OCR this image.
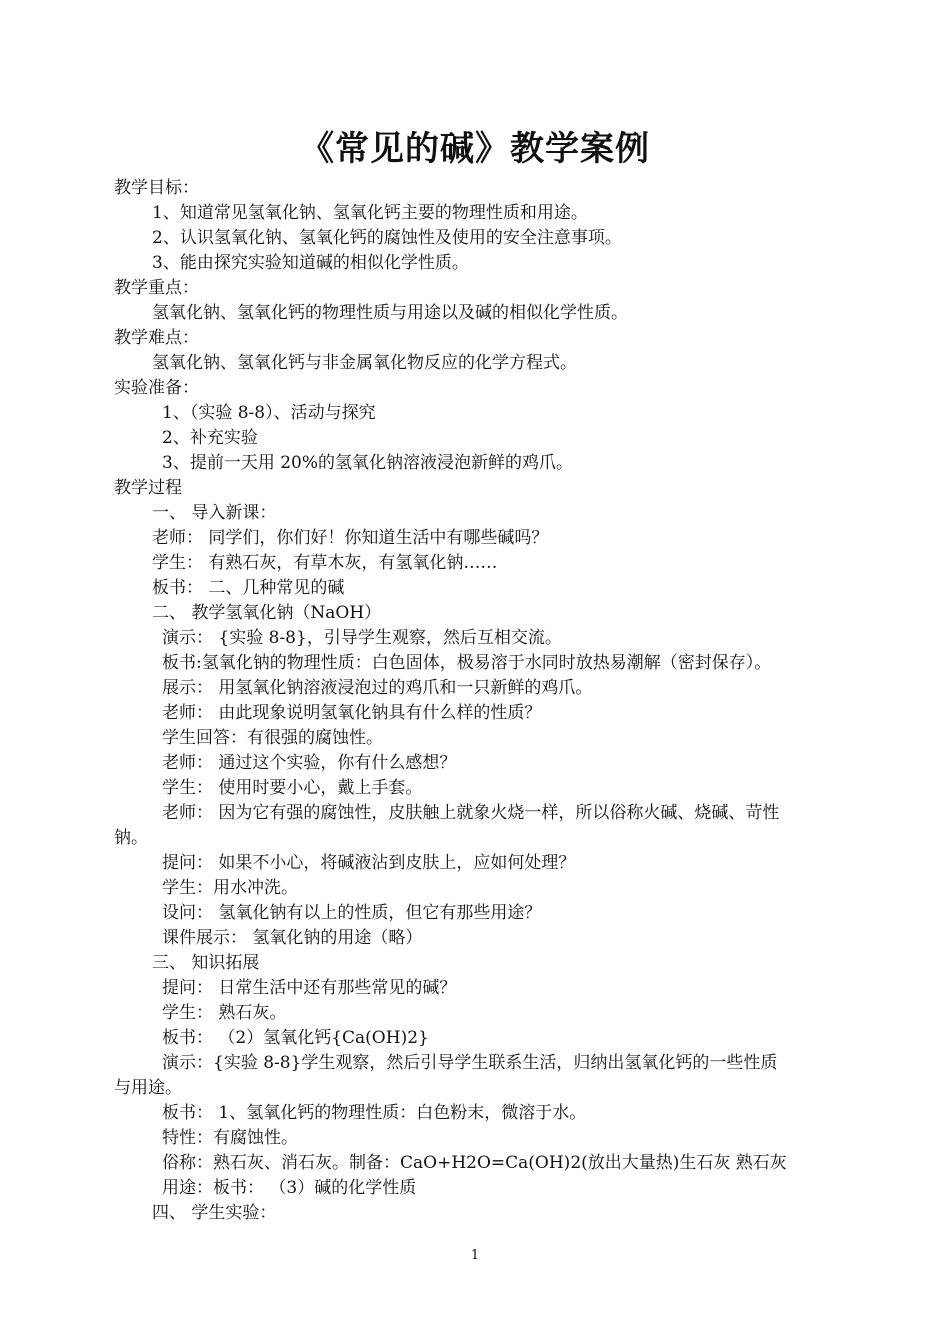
《常见的碱》教学案例
教学目标：
1、知道常见氢氧化钠、氢氧化钙主要的物理性质和用途。
2、认识氢氧化钠、氢氧化钙的腐蚀性及使用的安全注意事项。
3、能由探究实验知道碱的相似化学性质。
教学重点：
氢氧化钠、氢氧化钙的物理性质与用途以及碱的相似化学性质。
教学难点：
氢氧化钠、氢氧化钙与非金属氧化物反应的化学方程式。
实验准备：
1、（实验 8-8）、活动与探究
2、补充实验
3、提前一天用 20%的氢氧化钠溶液浸泡新鲜的鸡爪。
教学过程
一、 导入新课：
老师： 同学们，你们好！你知道生活中有哪些碱吗？
学生： 有熟石灰，有草木灰，有氢氧化钠……
板书： 二、几种常见的碱
二、 教学氢氧化钠（NaOH）
演示： {实验 8-8}，引导学生观察，然后互相交流。
板书:氢氧化钠的物理性质：白色固体，极易溶于水同时放热易潮解（密封保存）。
展示： 用氢氧化钠溶液浸泡过的鸡爪和一只新鲜的鸡爪。
老师： 由此现象说明氢氧化钠具有什么样的性质？
学生回答：有很强的腐蚀性。
老师： 通过这个实验，你有什么感想？
学生： 使用时要小心，戴上手套。
老师： 因为它有强的腐蚀性，皮肤触上就象火烧一样，所以俗称火碱、烧碱、苛性
钠。
提问： 如果不小心，将碱液沾到皮肤上，应如何处理？
学生：用水冲洗。
设问： 氢氧化钠有以上的性质，但它有那些用途？
课件展示： 氢氧化钠的用途（略）
三、 知识拓展
提问： 日常生活中还有那些常见的碱？
学生： 熟石灰。
板书： （2）氢氧化钙{Ca(OH)2}
演示：{实验 8-8}学生观察，然后引导学生联系生活，归纳出氢氧化钙的一些性质
与用途。
板书： 1、氢氧化钙的物理性质：白色粉末，微溶于水。
特性：有腐蚀性。
俗称：熟石灰、消石灰。制备：CaO+H2O=Ca(OH)2(放出大量热)生石灰 熟石灰
用途：板书： （3）碱的化学性质
四、 学生实验：
1
